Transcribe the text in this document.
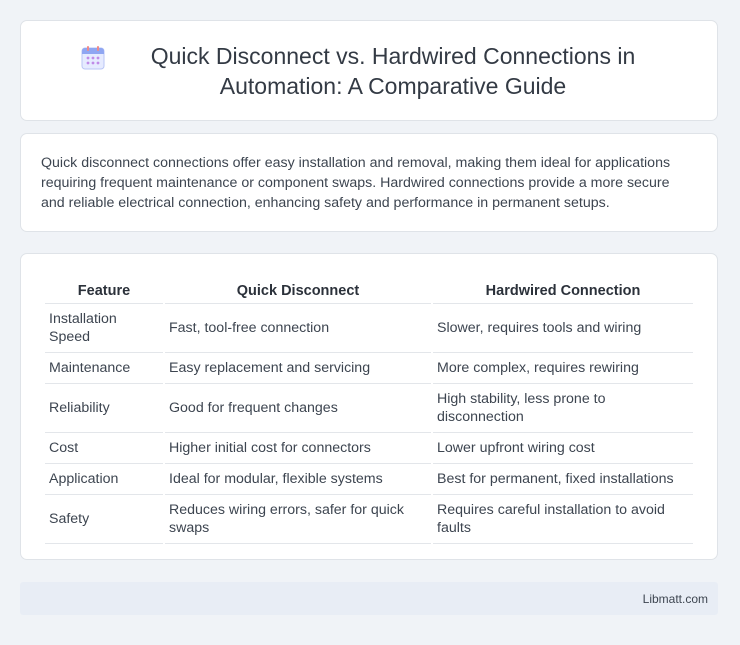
Quick Disconnect vs. Hardwired Connections in Automation: A Comparative Guide

Quick disconnect connections offer easy installation and removal, making them ideal for applications requiring frequent maintenance or component swaps. Hardwired connections provide a more secure and reliable electrical connection, enhancing safety and performance in permanent setups.

Feature	Quick Disconnect	Hardwired Connection
Installation Speed	Fast, tool-free connection	Slower, requires tools and wiring
Maintenance	Easy replacement and servicing	More complex, requires rewiring
Reliability	Good for frequent changes	High stability, less prone to disconnection
Cost	Higher initial cost for connectors	Lower upfront wiring cost
Application	Ideal for modular, flexible systems	Best for permanent, fixed installations
Safety	Reduces wiring errors, safer for quick swaps	Requires careful installation to avoid faults
Libmatt.com
